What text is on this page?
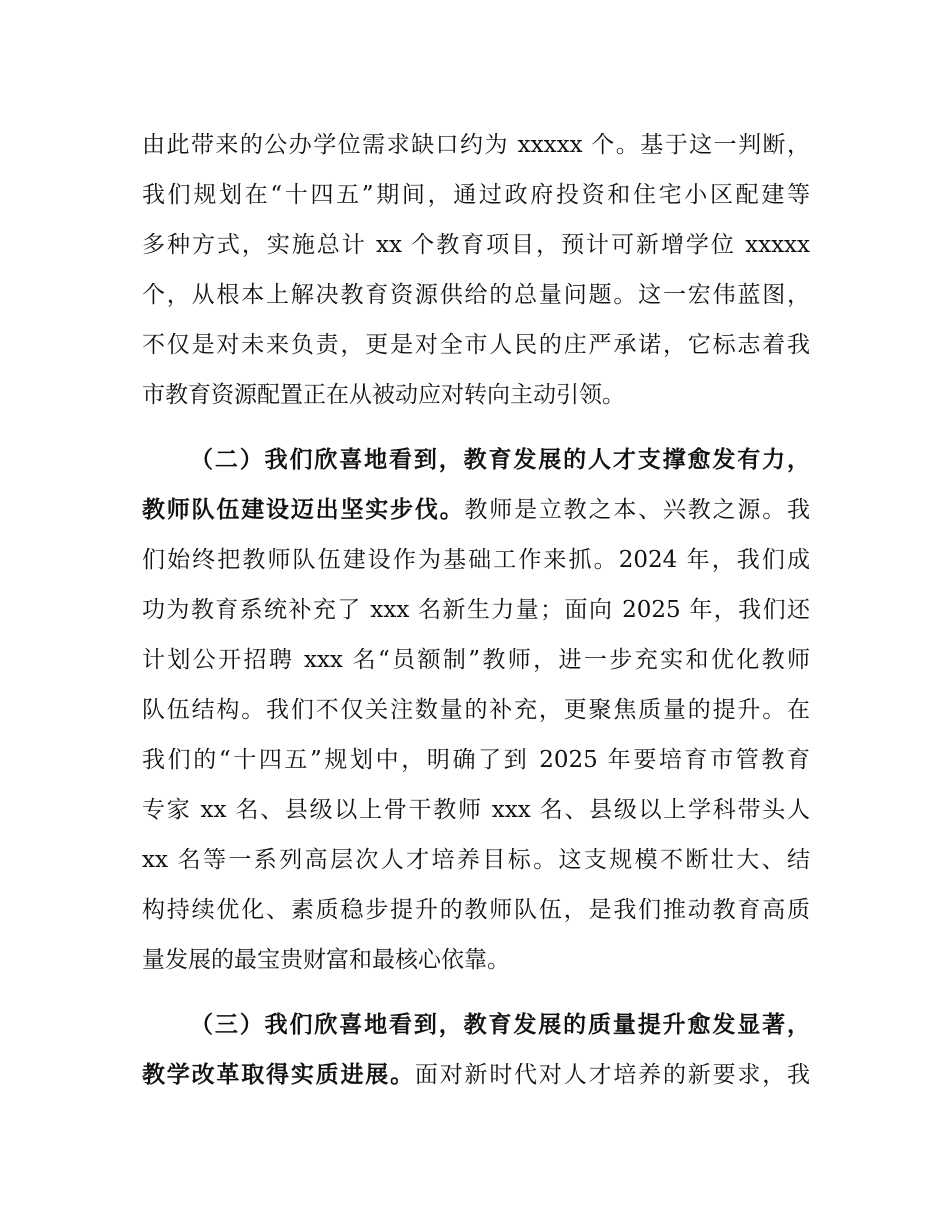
由此带来的公办学位需求缺口约为 xxxxx 个。基于这一判断，
我们规划在“十四五”期间，通过政府投资和住宅小区配建等
多种方式，实施总计 xx 个教育项目，预计可新增学位 xxxxx
个，从根本上解决教育资源供给的总量问题。这一宏伟蓝图，
不仅是对未来负责，更是对全市人民的庄严承诺，它标志着我
市教育资源配置正在从被动应对转向主动引领。
（二）我们欣喜地看到，教育发展的人才支撑愈发有力，
教师队伍建设迈出坚实步伐。教师是立教之本、兴教之源。我
们始终把教师队伍建设作为基础工作来抓。2024 年，我们成
功为教育系统补充了 xxx 名新生力量；面向 2025 年，我们还
计划公开招聘 xxx 名“员额制”教师，进一步充实和优化教师
队伍结构。我们不仅关注数量的补充，更聚焦质量的提升。在
我们的“十四五”规划中，明确了到 2025 年要培育市管教育
专家 xx 名、县级以上骨干教师 xxx 名、县级以上学科带头人
xx 名等一系列高层次人才培养目标。这支规模不断壮大、结
构持续优化、素质稳步提升的教师队伍，是我们推动教育高质
量发展的最宝贵财富和最核心依靠。
（三）我们欣喜地看到，教育发展的质量提升愈发显著，
教学改革取得实质进展。面对新时代对人才培养的新要求，我
